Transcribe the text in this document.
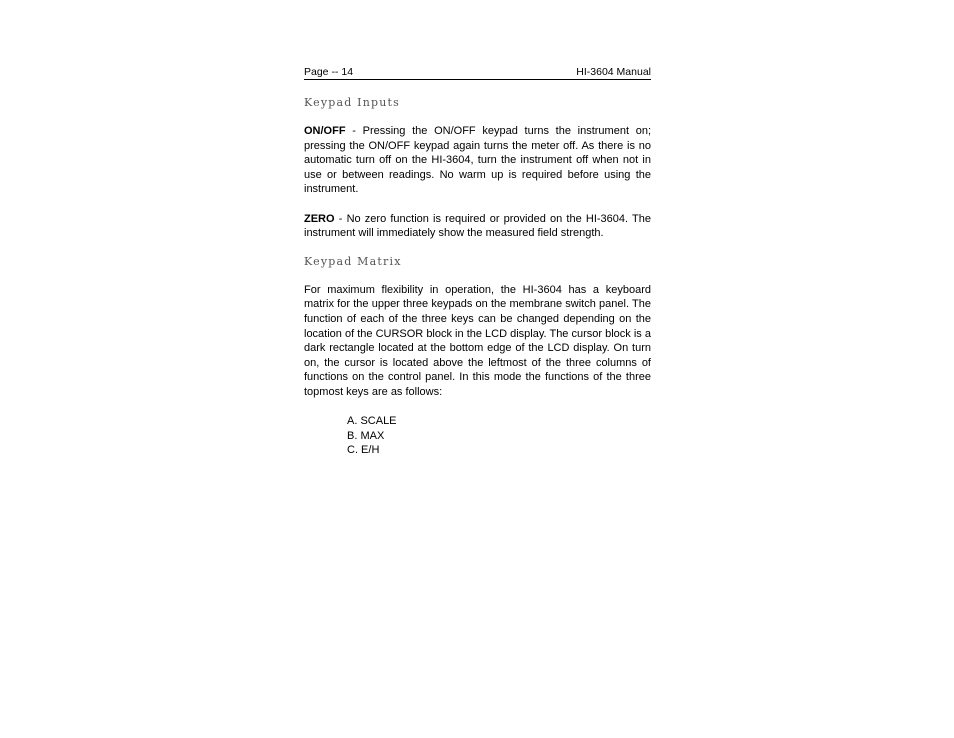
Page -- 14	HI-3604 Manual
Keypad Inputs

ON/OFF - Pressing the ON/OFF keypad turns the instrument on; pressing the ON/OFF keypad again turns the meter off. As there is no automatic turn off on the HI-3604, turn the instrument off when not in use or between readings. No warm up is required before using the instrument.

ZERO - No zero function is required or provided on the HI-3604. The instrument will immediately show the measured field strength.

Keypad Matrix

For maximum flexibility in operation, the HI-3604 has a keyboard matrix for the upper three keypads on the membrane switch panel. The function of each of the three keys can be changed depending on the location of the CURSOR block in the LCD display. The cursor block is a dark rectangle located at the bottom edge of the LCD display. On turn on, the cursor is located above the leftmost of the three columns of functions on the control panel. In this mode the functions of the three topmost keys are as follows:

A. SCALE
B. MAX
C. E/H
